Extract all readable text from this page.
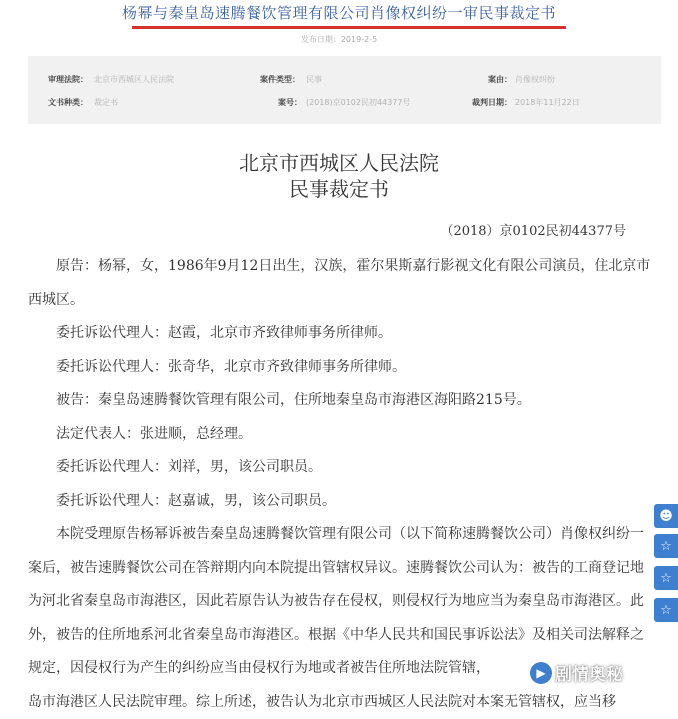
杨幂与秦皇岛速腾餐饮管理有限公司肖像权纠纷一审民事裁定书
发布日期：2019-2-5
审理法院： 北京市西城区人民法院	案件类型： 民事	案由： 肖像权纠纷
文书种类： 裁定书	案号： (2018)京0102民初44377号	裁判日期： 2018年11月22日
北京市西城区人民法院
民事裁定书
（2018）京0102民初44377号

原告：杨幂，女，1986年9月12日出生，汉族，霍尔果斯嘉行影视文化有限公司演员，住北京市西城区。

委托诉讼代理人：赵霞，北京市齐致律师事务所律师。

委托诉讼代理人：张奇华，北京市齐致律师事务所律师。

被告：秦皇岛速腾餐饮管理有限公司，住所地秦皇岛市海港区海阳路215号。

法定代表人：张进顺，总经理。

委托诉讼代理人：刘祥，男，该公司职员。

委托诉讼代理人：赵嘉诚，男，该公司职员。

本院受理原告杨幂诉被告秦皇岛速腾餐饮管理有限公司（以下简称速腾餐饮公司）肖像权纠纷一案后，被告速腾餐饮公司在答辩期内向本院提出管辖权异议。速腾餐饮公司认为：被告的工商登记地为河北省秦皇岛市海港区，因此若原告认为被告存在侵权，则侵权行为地应当为秦皇岛市海港区。此外，被告的住所地系河北省秦皇岛市海港区。根据《中华人民共和国民事诉讼法》及相关司法解释之规定，因侵权行为产生的纠纷应当由侵权行为地或者被告住所地法院管辖，

岛市海港区人民法院审理。综上所述，被告认为北京市西城区人民法院对本案无管辖权，应当移

☻
☆
☆
☆
▶ 剧情奥秘
